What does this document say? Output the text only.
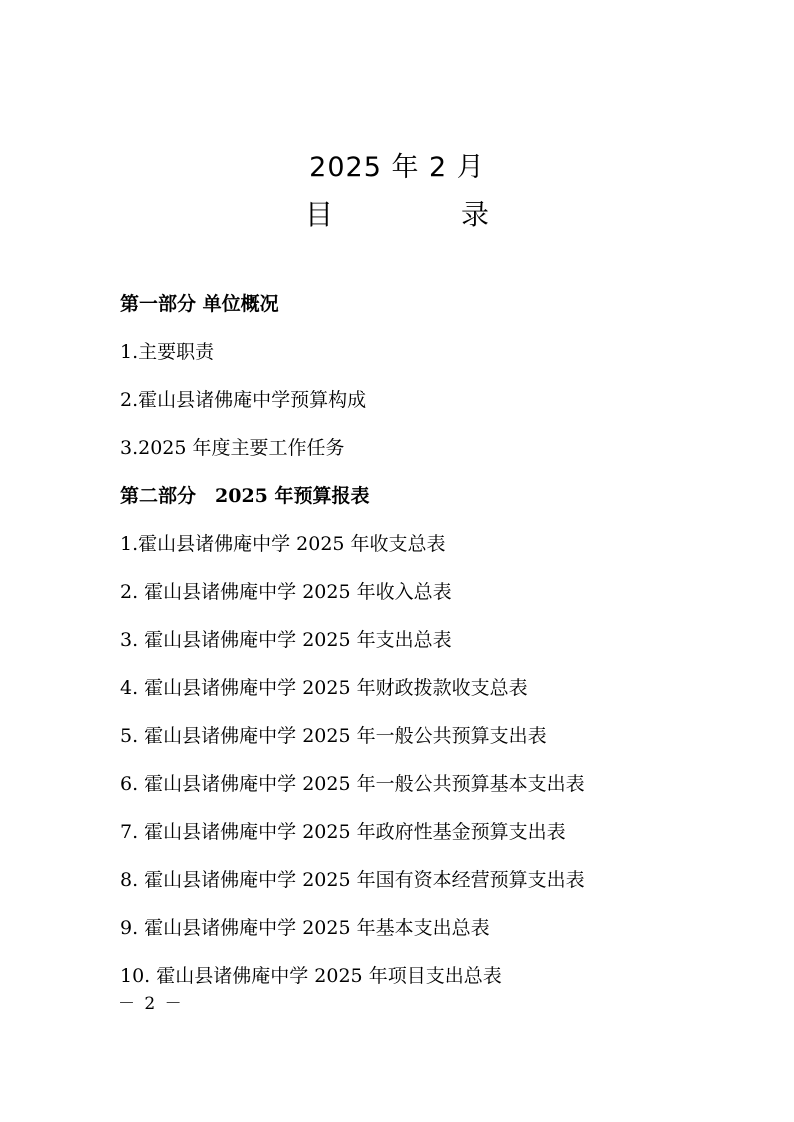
2025 年 2 月
目　录
第一部分 单位概况
1.主要职责
2.霍山县诸佛庵中学预算构成
3.2025 年度主要工作任务
第二部分　2025 年预算报表
1.霍山县诸佛庵中学 2025 年收支总表
2. 霍山县诸佛庵中学 2025 年收入总表
3. 霍山县诸佛庵中学 2025 年支出总表
4. 霍山县诸佛庵中学 2025 年财政拨款收支总表
5. 霍山县诸佛庵中学 2025 年一般公共预算支出表
6. 霍山县诸佛庵中学 2025 年一般公共预算基本支出表
7. 霍山县诸佛庵中学 2025 年政府性基金预算支出表
8. 霍山县诸佛庵中学 2025 年国有资本经营预算支出表
9. 霍山县诸佛庵中学 2025 年基本支出总表
10. 霍山县诸佛庵中学 2025 年项目支出总表
－ 2 －
